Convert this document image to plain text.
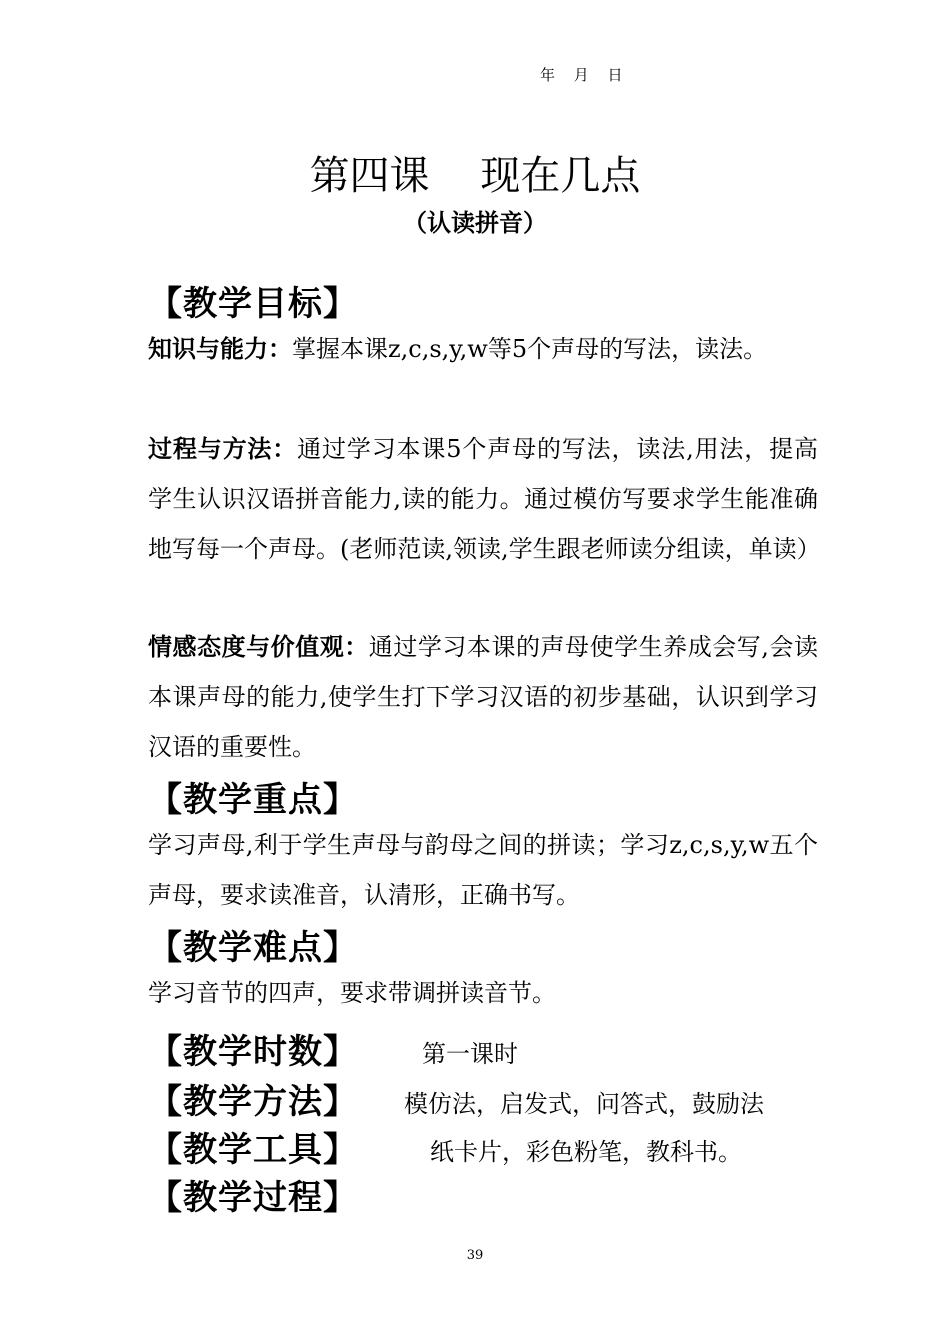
年 月 日
第四课    现在几点
（认读拼音）
【教学目标】
知识与能力：掌握本课z,c,s,y,w等5个声母的写法，读法。
过程与方法：通过学习本课5个声母的写法，读法,用法，提高学生认识汉语拼音能力,读的能力。通过模仿写要求学生能准确地写每一个声母。(老师范读,领读,学生跟老师读分组读，单读）
情感态度与价值观：通过学习本课的声母使学生养成会写,会读本课声母的能力,使学生打下学习汉语的初步基础，认识到学习汉语的重要性。
【教学重点】
学习声母,利于学生声母与韵母之间的拼读；学习z,c,s,y,w五个声母，要求读准音，认清形，正确书写。
【教学难点】
学习音节的四声，要求带调拼读音节。
【教学时数】	第一课时
【教学方法】 模仿法，启发式，问答式，鼓励法
【教学工具】	纸卡片，彩色粉笔，教科书。
【教学过程】
39
